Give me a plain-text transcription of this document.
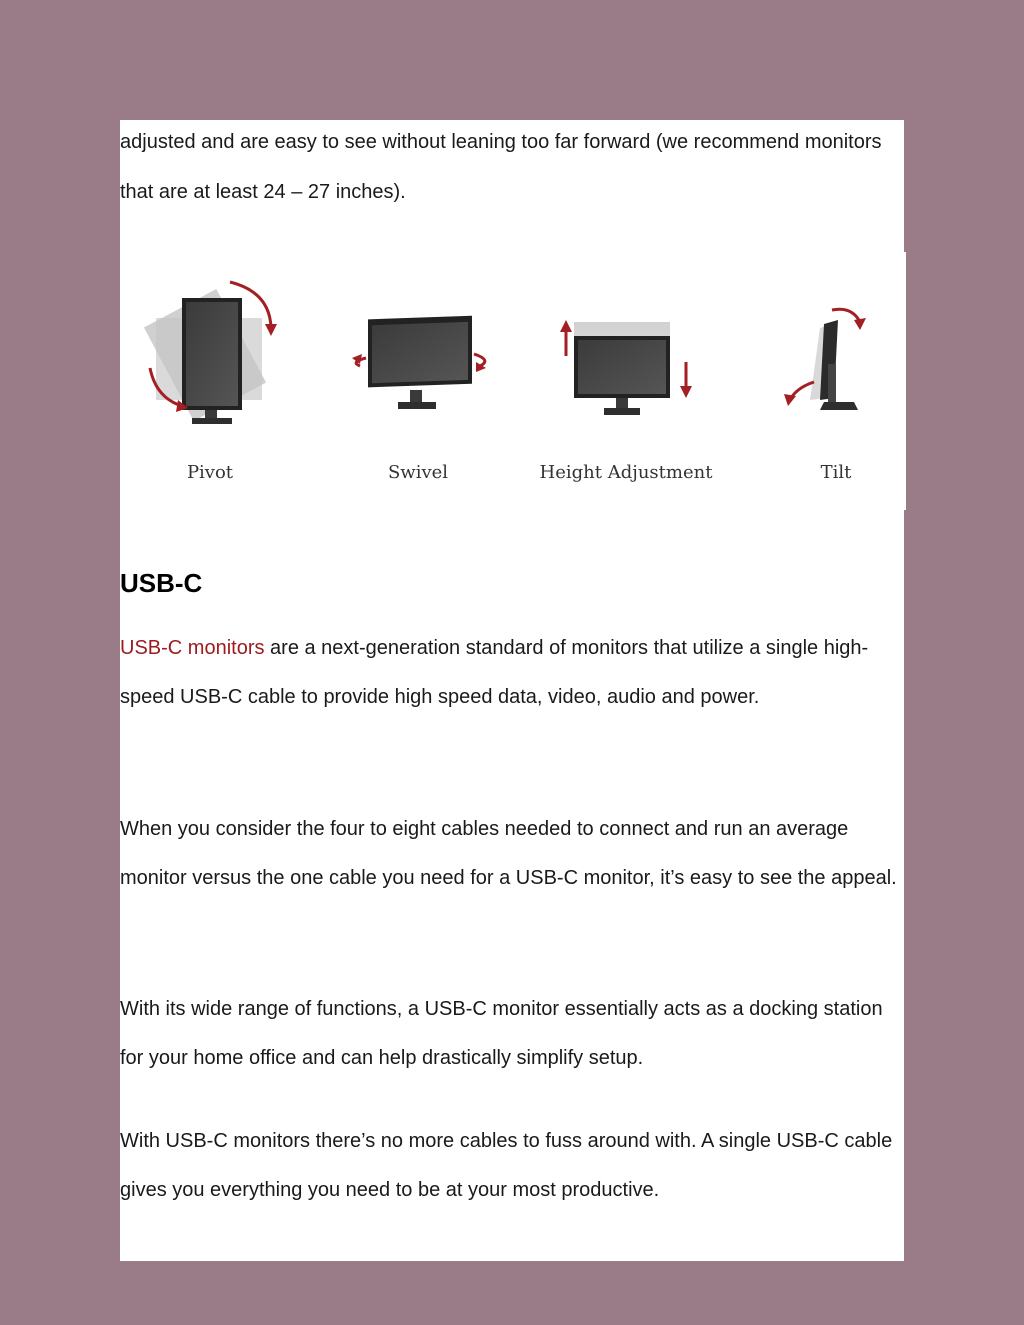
adjusted and are easy to see without leaning too far forward (we recommend monitors that are at least 24 – 27 inches).

Pivot	Swivel	Height Adjustment	Tilt
USB-C

USB-C monitors are a next-generation standard of monitors that utilize a single high-speed USB-C cable to provide high speed data, video, audio and power.

When you consider the four to eight cables needed to connect and run an average monitor versus the one cable you need for a USB-C monitor, it’s easy to see the appeal.

With its wide range of functions, a USB-C monitor essentially acts as a docking station for your home office and can help drastically simplify setup.

With USB-C monitors there’s no more cables to fuss around with. A single USB-C cable gives you everything you need to be at your most productive.
